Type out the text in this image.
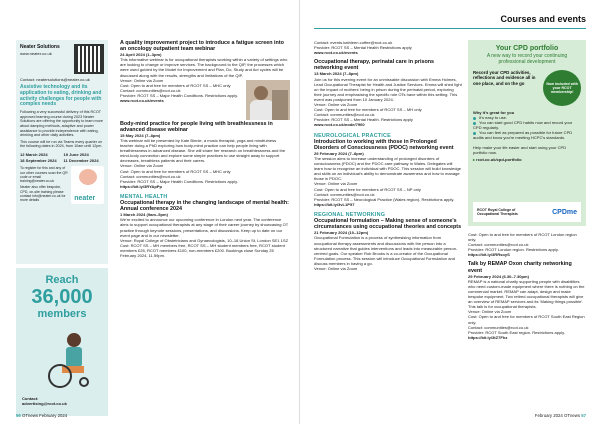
Neater Solutions
www.neater.co.uk
Contact: neatersolutions@neater.co.uk
Assistive technology and its application to eating, drinking and activity challenges for people with complex needs
Following a very successful delivery of this RCOT approved learning course during 2023 Neater Solutions are offering the opportunity to learn more about damping methods, adaptive and power assistance to provide independence with eating, drinking and other daily activities.
This course will be run via Teams every quarter on the following dates in 2024, from 10am until 12pm.
12 March 2024	19 June 2024
18 September 2024	11 December 2024
To register for this and any of our other courses scan the QR code or email training@neater.co.uk
Neater also offer bespoke, CPD, on-site training please contact info@neater.co.uk for more details	neater
Reach
36,000
members
Contact:
advertising@rcot.co.uk
A quality improvement project to introduce a fatigue screen into an oncology outpatient team webinar
24 April 2024 (1–3pm)
This informative webinar is for occupational therapists working within a variety of settings who are looking to change or improve services. The background to the QIP, the processes which were used guided by the Model for Improvement and Plan, Do, Study and Act cycles will be discussed along with the results, strengths and limitations of the QIP.
Venue: Online via Zoom
Cost: Open to and free for members of RCOT SS – MHC only
Contact: communities@rcot.co.uk
Provider: RCOT SS – Major Health Conditions. Restrictions apply.
www.rcot.co.uk/events
Body-mind practice for people living with breathlessness in advanced disease webinar
15 May 2024 (7–8pm)
This webinar will be presented by Kate Binnie, a music therapist, yoga and mindfulness teacher doing a PhD exploring how body-mind practice can help people living with breathlessness in advanced disease. She will share her research on breathlessness and the mind-body connection and explore some simple practices to use straight away to support decreases, breathless patients and their carers.
Venue: Online via Zoom
Cost: Open to and free for members of RCOT SS – MHC only
Contact: communities@rcot.co.uk
Provider: RCOT SS – Major Health Conditions. Restrictions apply.
https://bit.ly/3RYApPp
MENTAL HEALTH
Occupational therapy in the changing landscape of mental health: Annual conference 2024
1 March 2024 (9am–5pm)
We're excited to announce our upcoming conference in London next year. The conference aims to support occupational therapists at any stage of their career journey by showcasing OT practice through keynote sessions, presentations, and discussions. Keep up to date on our event page and in our newsletter.
Venue: Royal College of Obstetricians and Gynaecologists, 10–18 Union St, London SE1 1SZ
Cost: RCOT SS – MH members free, RCOT SS – MH student members free, RCOT student members £25, RCOT members £100, non-members £200. Bookings close Sunday 25 February 2024, 11.59pm.
56 OTnews February 2024
Courses and events
Contact: events.kathleen.coffee@rcot.co.uk
Provider: RCOT SS – Mental Health Restrictions apply
www.rcot.co.uk/events
Occupational therapy, perinatal care in prisons networking event
13 March 2024 (7–8pm)
Join us for this evening event for an unmissable discussion with Emma Holmes, Lead Occupational Therapist for Health and Justice Services. Emma will shed light on the impact of mothers' being in prison during the perinatal period, exploring their journey and emphasising the specific role OTs have within this setting. This event was postponed from 10 January 2024.
Venue: Online via Zoom
Cost: Open to and free for members of RCOT SS – MH only
Contact: communities@rcot.co.uk
Provider: RCOT SS – Mental Health. Restrictions apply
www.rcot.co.uk/node/7960
NEUROLOGICAL PRACTICE
Introduction to working with those in Prolonged Disorders of Consciousness (PDOC) networking event
29 February 2024 (7–8pm)
The session aims to increase understanding of prolonged disorders of consciousness (PDOC) and the PDOC care pathway in Wales. Delegates will learn how to recognise an individual with PDOC. This session will build knowledge and skills on an individual's ability to demonstrate awareness and how to manage those in PDOC.
Venue: Online via Zoom
Cost: Open to and free for members of RCOT SS – NP only
Contact: communities@rcot.co.uk
Provider: RCOT SS – Neurological Practice (Wales region). Restrictions apply.
https://bit.ly/3vL1P57
REGIONAL NETWORKING
Occupational formulation – Making sense of someone's circumstances using occupational theories and concepts
21 February 2024 (10–12pm)
Occupational Formulation is a process of synthesising information from occupational therapy assessments and discussions with the person into a structured narrative that guides interventions and leads into measurable person-centred goals. Our speaker Rob Brooks is a co-creator of the Occupational Formulation process. This session will introduce Occupational Formulation and discuss members in having a go.
Venue: Online via Zoom
Your CPD portfolio
A new way to record your continuing professional development
Record your CPD activities, reflections and evidence all in one place, and on the go	Now included with your RCOT membership!
Why it's great for you
It's easy to use.
You can start good CPD habits now and record your CPD regularly.
You can feel as prepared as possible for future CPD audits and know you're meeting HCPC's standards.
Help make your life easier and start using your CPD portfolio now.
▸ rcot.co.uk/cpd-portfolio
RCOT Royal College of Occupational Therapists	CPDme
Cost: Open to and free for members of RCOT London region only.
Contact: communities@rcot.co.uk
Provider: RCOT London region. Restrictions apply.
https://bit.ly/3RRsoyS
Talk by REMAP Oxon charity networking event
29 February 2024 (6.30–7.30pm)
REMAP is a national charity supporting people with disabilities who need custom-made equipment where there is nothing on the commercial market. REMAP can adapt, design and make bespoke equipment. Two retired occupational therapists will give an overview of REMAP services and its 'Making things possible'. This talk is for occupational therapists.
Venue: Online via Zoom
Cost: Open to and free for members of RCOT South East Region only.
Contact: communities@rcot.co.uk
Provider: RCOT South East region. Restrictions apply.
https://bit.ly/3tZ7Fhz
February 2024 OTnews 57
